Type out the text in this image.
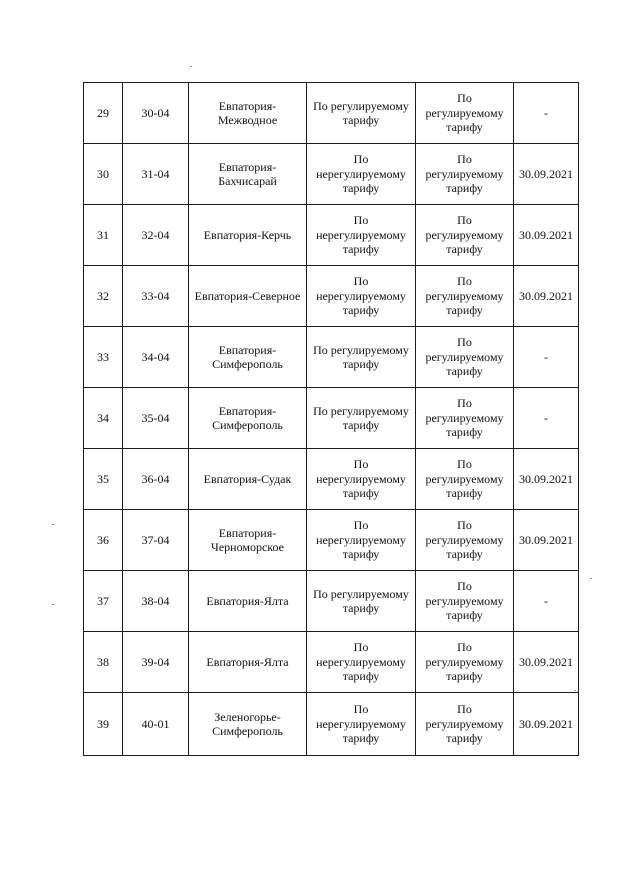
29	30-04	Евпатория-
Межводное	По регулируемому
тарифу	По
регулируемому
тарифу	-
30	31-04	Евпатория-
Бахчисарай	По
нерегулируемому
тарифу	По
регулируемому
тарифу	30.09.2021
31	32-04	Евпатория-Керчь	По
нерегулируемому
тарифу	По
регулируемому
тарифу	30.09.2021
32	33-04	Евпатория-Северное	По
нерегулируемому
тарифу	По
регулируемому
тарифу	30.09.2021
33	34-04	Евпатория-
Симферополь	По регулируемому
тарифу	По
регулируемому
тарифу	-
34	35-04	Евпатория-
Симферополь	По регулируемому
тарифу	По
регулируемому
тарифу	-
35	36-04	Евпатория-Судак	По
нерегулируемому
тарифу	По
регулируемому
тарифу	30.09.2021
36	37-04	Евпатория-
Черноморское	По
нерегулируемому
тарифу	По
регулируемому
тарифу	30.09.2021
37	38-04	Евпатория-Ялта	По регулируемому
тарифу	По
регулируемому
тарифу	-
38	39-04	Евпатория-Ялта	По
нерегулируемому
тарифу	По
регулируемому
тарифу	30.09.2021
39	40-01	Зеленогорье-
Симферополь	По
нерегулируемому
тарифу	По
регулируемому
тарифу	30.09.2021
